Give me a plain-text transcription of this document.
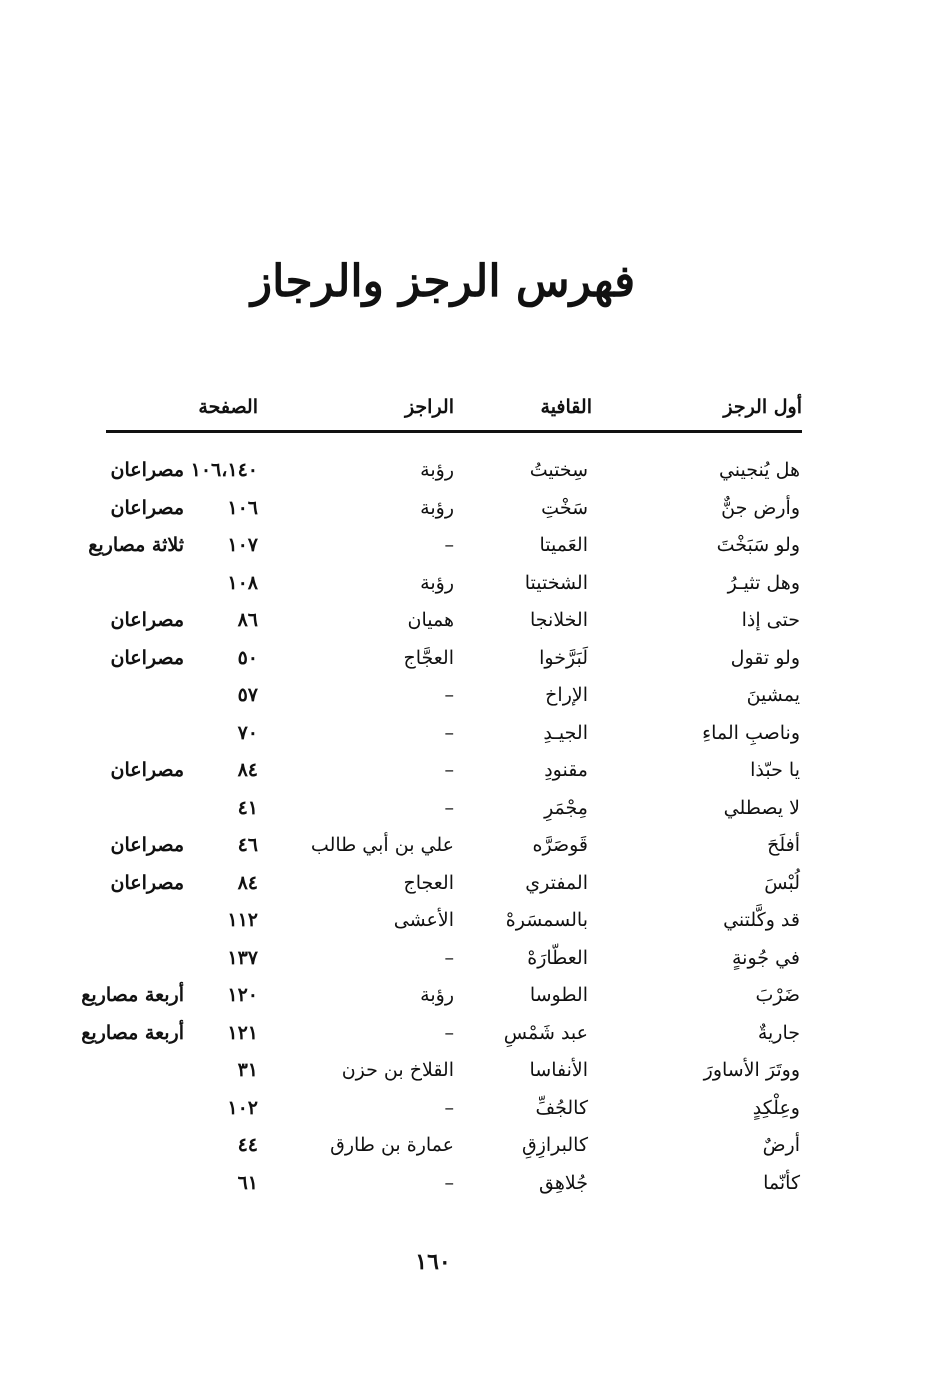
فهرس الرجز والرجاز
أول الرجز
القافية
الراجز
الصفحة
هل يُنجيني
سِختيتُ
رؤبة
١٠٦،١٤٠
مصراعان
وأرض جنٌّ
سَخْتِ
رؤبة
١٠٦
مصراعان
ولو سَبَخْتَ
العَميتا
–
١٠٧
ثلاثة مصاريع
وهل تثيـرُ
الشختيتا
رؤبة
١٠٨
حتى إذا
الخلانجا
هميان
٨٦
مصراعان
ولو تقول
لَبَرَّخوا
العجَّاج
٥٠
مصراعان
يمشينَ
الإراخ
–
٥٧
وناصبِ الماءِ
الجيـدِ
–
٧٠
يا حبّذا
مقنودِ
–
٨٤
مصراعان
لا يصطلي
مِجْمَرِ
–
٤١
أفلَحَ
قَوصَرَّه
علي بن أبي طالب
٤٦
مصراعان
لُبْسَ
المفتري
العجاج
٨٤
مصراعان
قد وكَّلتني
بالسمسَرهْ
الأعشى
١١٢
في جُونةٍ
العطّارَهْ
–
١٣٧
ضَرْبَ
الطوسا
رؤبة
١٢٠
أربعة مصاريع
جاريةٌ
عبد شَمْسِ
–
١٢١
أربعة مصاريع
ووتَرَ الأساورَ
الأنفاسا
القلاخ بن حزن
٣١
وعِلْكِدٍ
كالجُفِّ
–
١٠٢
أرضٌ
كالبرازِقِ
عمارة بن طارق
٤٤
كأنّما
جُلاهِق
–
٦١
١٦٠
